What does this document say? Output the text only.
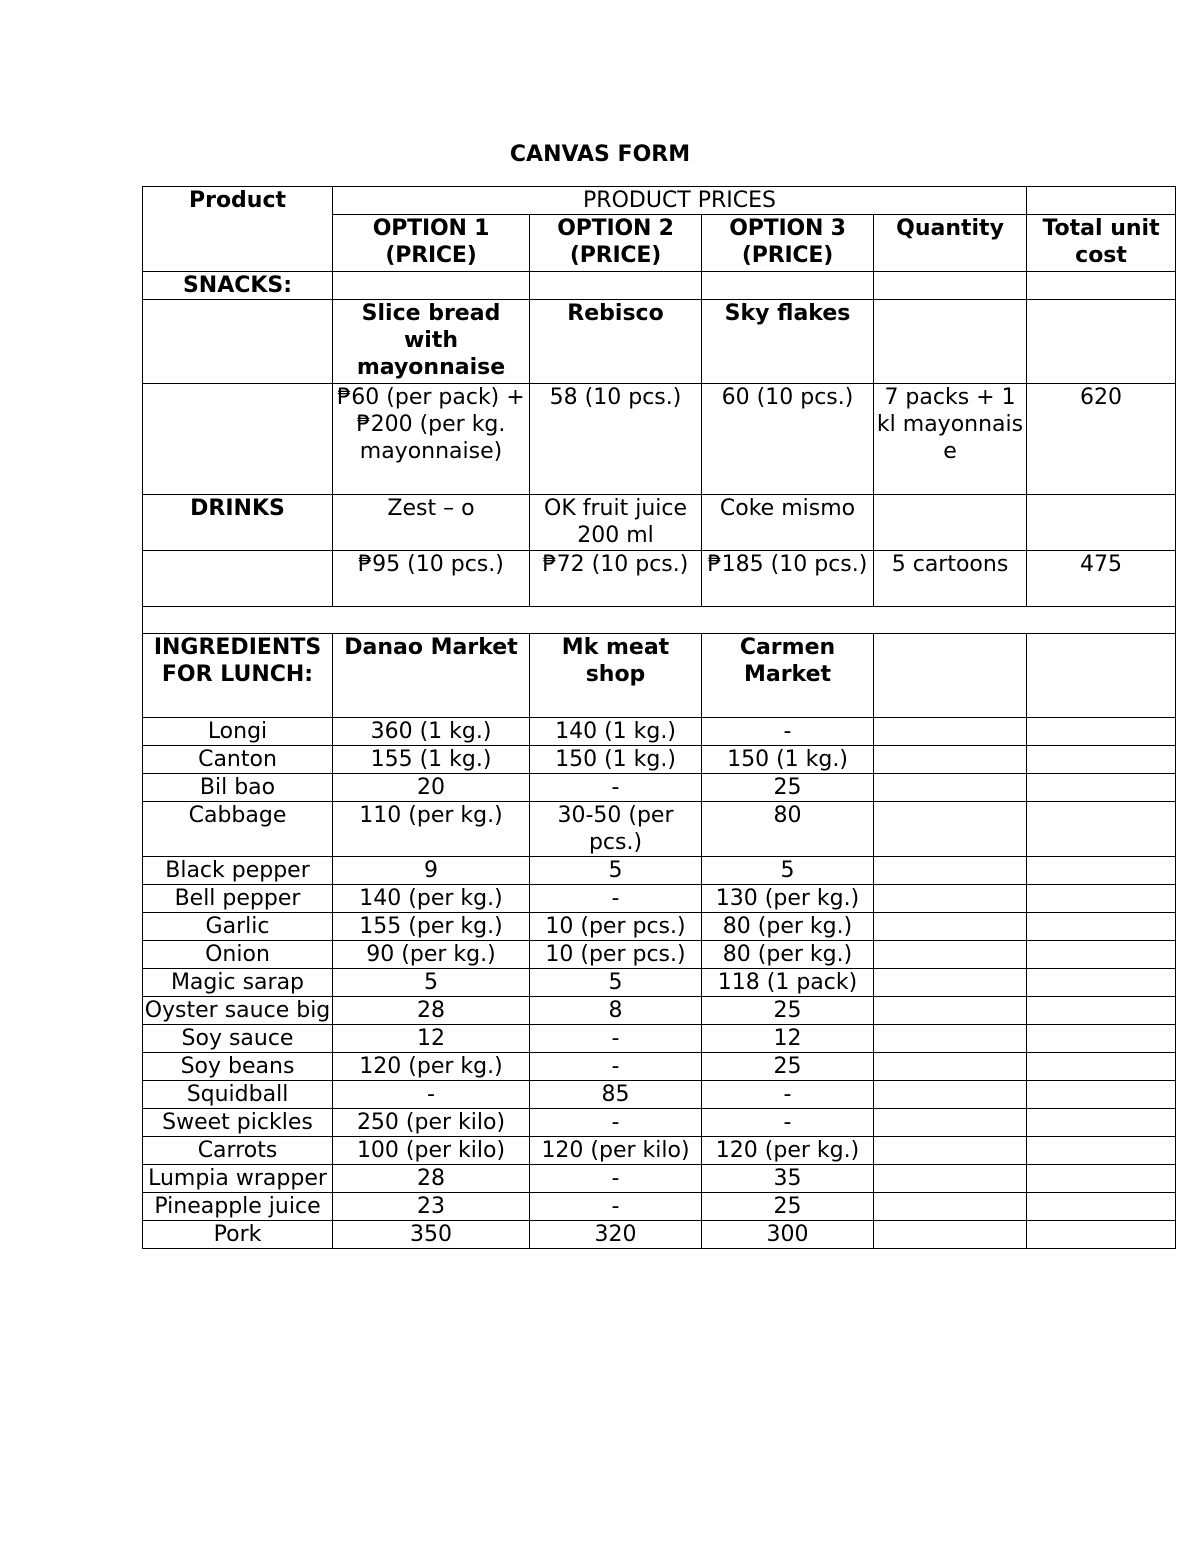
CANVAS FORM
Product	PRODUCT PRICES				
	OPTION 1 (PRICE)	OPTION 2 (PRICE)	OPTION 3 (PRICE)	Quantity	Total unit cost
SNACKS:					
	Slice bread with mayonnaise	Rebisco	Sky flakes		
	₱60 (per pack) +₱200 (per kg. mayonnaise)	58 (10 pcs.)	60 (10 pcs.)	7 packs + 1 kl mayonnaise	620
DRINKS	Zest – o	OK fruit juice 200 ml	Coke mismo		
	₱95 (10 pcs.)	₱72 (10 pcs.)	₱185 (10 pcs.)	5 cartoons	475

INGREDIENTS FOR LUNCH:	Danao Market	Mk meat shop	Carmen Market		
Longi	360 (1 kg.)	140 (1 kg.)	-		
Canton	155 (1 kg.)	150 (1 kg.)	150 (1 kg.)		
Bil bao	20	-	25		
Cabbage	110 (per kg.)	30-50 (per pcs.)	80		
Black pepper	9	5	5		
Bell pepper	140 (per kg.)	-	130 (per kg.)		
Garlic	155 (per kg.)	10 (per pcs.)	80 (per kg.)		
Onion	90 (per kg.)	10 (per pcs.)	80 (per kg.)		
Magic sarap	5	5	118 (1 pack)		
Oyster sauce big	28	8	25		
Soy sauce	12	-	12		
Soy beans	120 (per kg.)	-	25		
Squidball	-	85	-		
Sweet pickles	250 (per kilo)	-	-		
Carrots	100 (per kilo)	120 (per kilo)	120 (per kg.)		
Lumpia wrapper	28	-	35		
Pineapple juice	23	-	25		
Pork	350	320	300		
